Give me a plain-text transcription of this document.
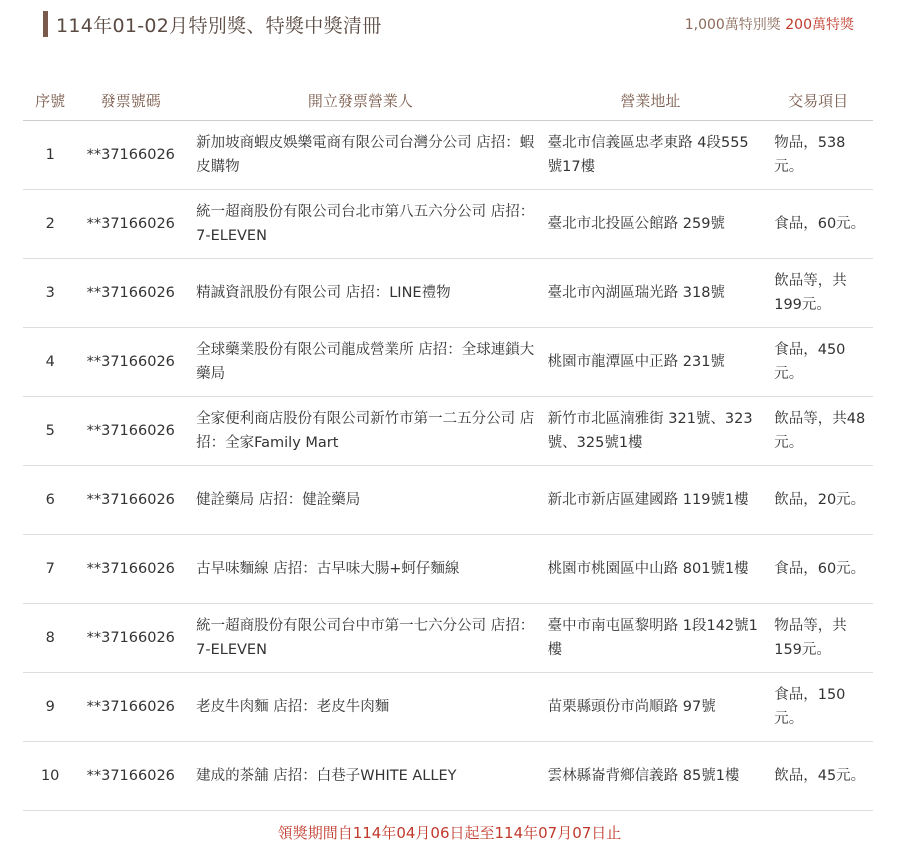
114年01-02月特別獎、特獎中獎清冊	1,000萬特別獎 200萬特獎
序號	發票號碼	開立發票營業人	營業地址	交易項目
1	**37166026	新加坡商蝦皮娛樂電商有限公司台灣分公司 店招：蝦皮購物	臺北市信義區忠孝東路 4段555號17樓	物品，538元。
2	**37166026	統一超商股份有限公司台北市第八五六分公司 店招：7-ELEVEN	臺北市北投區公館路 259號	食品，60元。
3	**37166026	精誠資訊股份有限公司 店招：LINE禮物	臺北市內湖區瑞光路 318號	飲品等，共199元。
4	**37166026	全球藥業股份有限公司龍成營業所 店招：全球連鎖大藥局	桃園市龍潭區中正路 231號	食品，450元。
5	**37166026	全家便利商店股份有限公司新竹市第一二五分公司 店招：全家Family Mart	新竹市北區湳雅街 321號、323號、325號1樓	飲品等，共48元。
6	**37166026	健詮藥局 店招：健詮藥局	新北市新店區建國路 119號1樓	飲品，20元。
7	**37166026	古早味麵線 店招：古早味大腸+蚵仔麵線	桃園市桃園區中山路 801號1樓	食品，60元。
8	**37166026	統一超商股份有限公司台中市第一七六分公司 店招：7-ELEVEN	臺中市南屯區黎明路 1段142號1樓	物品等，共159元。
9	**37166026	老皮牛肉麵 店招：老皮牛肉麵	苗栗縣頭份市尚順路 97號	食品，150元。
10	**37166026	建成的茶舖 店招：白巷子WHITE ALLEY	雲林縣崙背鄉信義路 85號1樓	飲品，45元。
領獎期間自114年04月06日起至114年07月07日止
